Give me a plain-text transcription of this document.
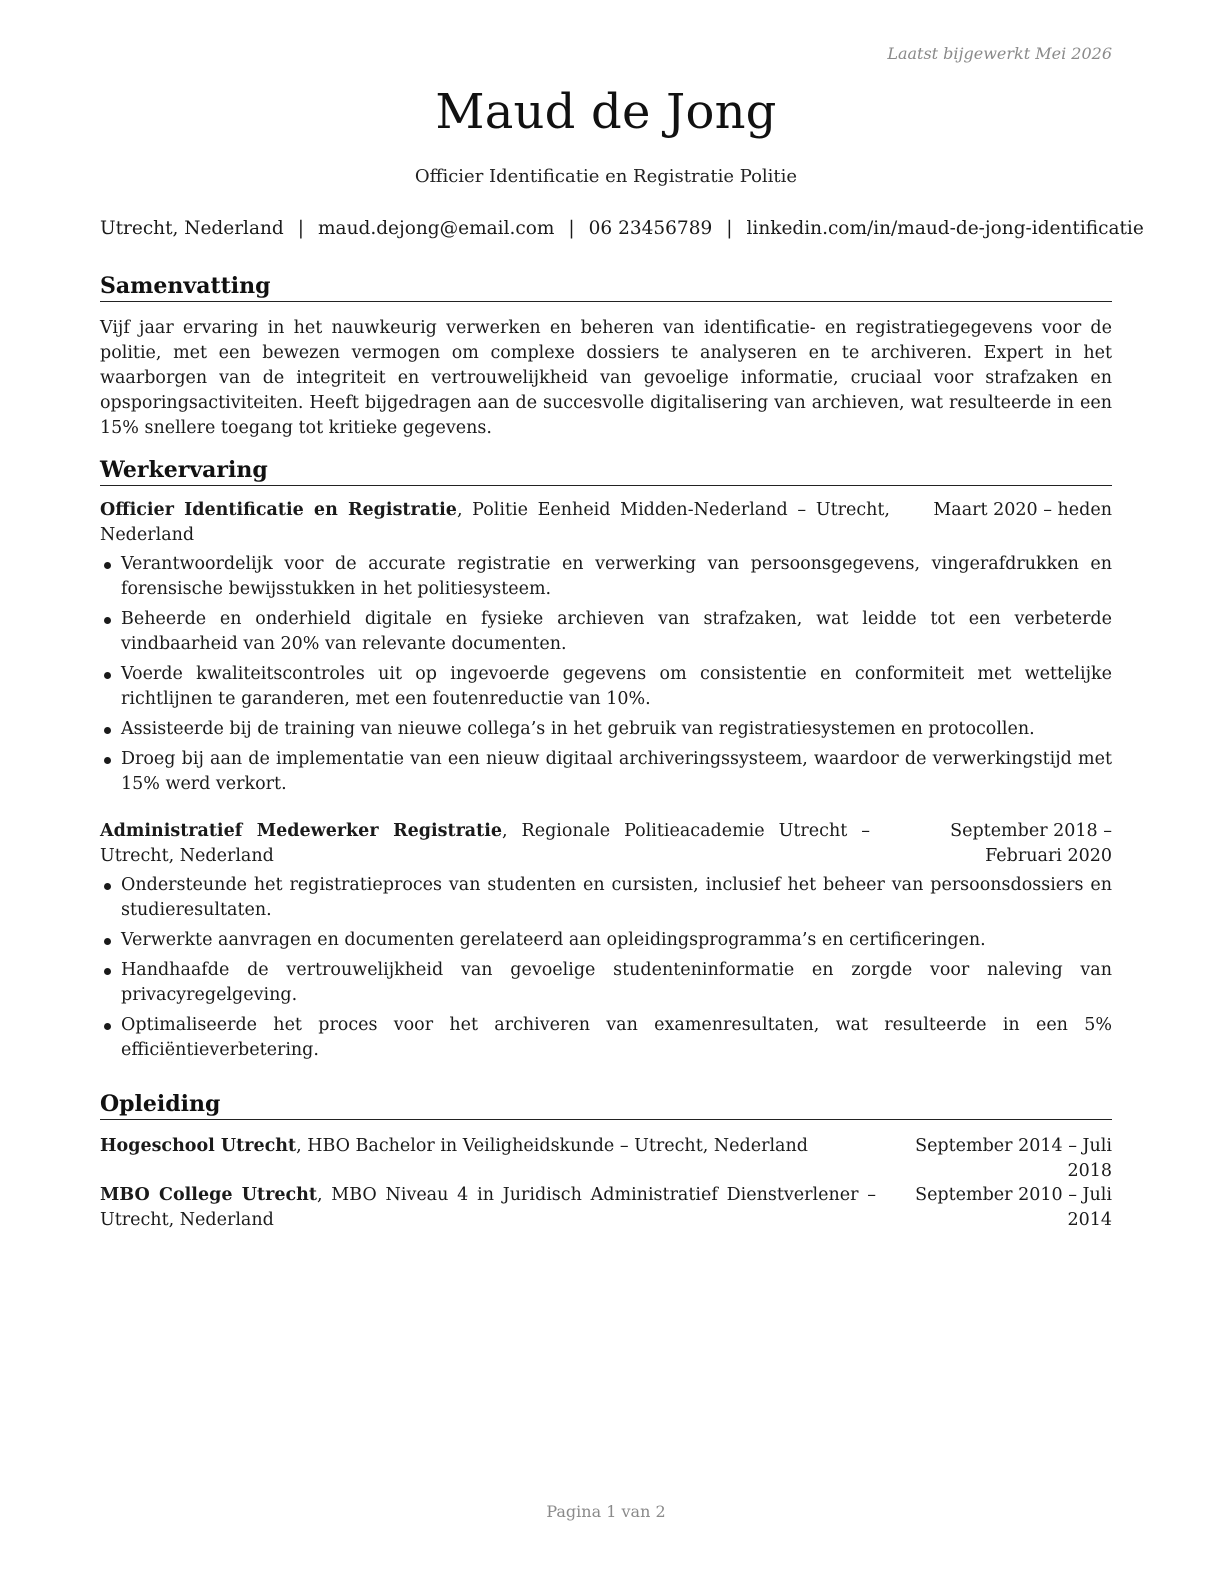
Laatst bijgewerkt Mei 2026
Maud de Jong
Officier Identificatie en Registratie Politie
Utrecht, Nederland | maud.dejong@email.com | 06 23456789 | linkedin.com/in/maud-de-jong-identificatie
Samenvatting
Vijf jaar ervaring in het nauwkeurig verwerken en beheren van identificatie- en registratiegegevens voor de politie, met een bewezen vermogen om complexe dossiers te analyseren en te archiveren. Expert in het waarborgen van de integriteit en vertrouwelijkheid van gevoelige informatie, cruciaal voor strafzaken en opsporingsactiviteiten. Heeft bijgedragen aan de succesvolle digitalisering van archieven, wat resulteerde in een 15% snellere toegang tot kritieke gegevens.
Werkervaring
Officier Identificatie en Registratie, Politie Eenheid Midden-Nederland – Utrecht, Nederland
Maart 2020 – heden
Verantwoordelijk voor de accurate registratie en verwerking van persoonsgegevens, vingerafdrukken en forensische bewijsstukken in het politiesysteem.
Beheerde en onderhield digitale en fysieke archieven van strafzaken, wat leidde tot een verbeterde vindbaarheid van 20% van relevante documenten.
Voerde kwaliteitscontroles uit op ingevoerde gegevens om consistentie en conformiteit met wettelijke richtlijnen te garanderen, met een foutenreductie van 10%.
Assisteerde bij de training van nieuwe collega’s in het gebruik van registratiesystemen en protocollen.
Droeg bij aan de implementatie van een nieuw digitaal archiveringssysteem, waardoor de verwerkingstijd met 15% werd verkort.
Administratief Medewerker Registratie, Regionale Politieacademie Utrecht – Utrecht, Nederland
September 2018 – Februari 2020
Ondersteunde het registratieproces van studenten en cursisten, inclusief het beheer van persoonsdossiers en studieresultaten.
Verwerkte aanvragen en documenten gerelateerd aan opleidingsprogramma’s en certificeringen.
Handhaafde de vertrouwelijkheid van gevoelige studenteninformatie en zorgde voor naleving van privacyregelgeving.
Optimaliseerde het proces voor het archiveren van examenresultaten, wat resulteerde in een 5% efficiëntieverbetering.
Opleiding
Hogeschool Utrecht, HBO Bachelor in Veiligheidskunde – Utrecht, Nederland	September 2014 – Juli 2018
MBO College Utrecht, MBO Niveau 4 in Juridisch Administratief Dienstverlener – Utrecht, Nederland
September 2010 – Juli 2014
Pagina 1 van 2
